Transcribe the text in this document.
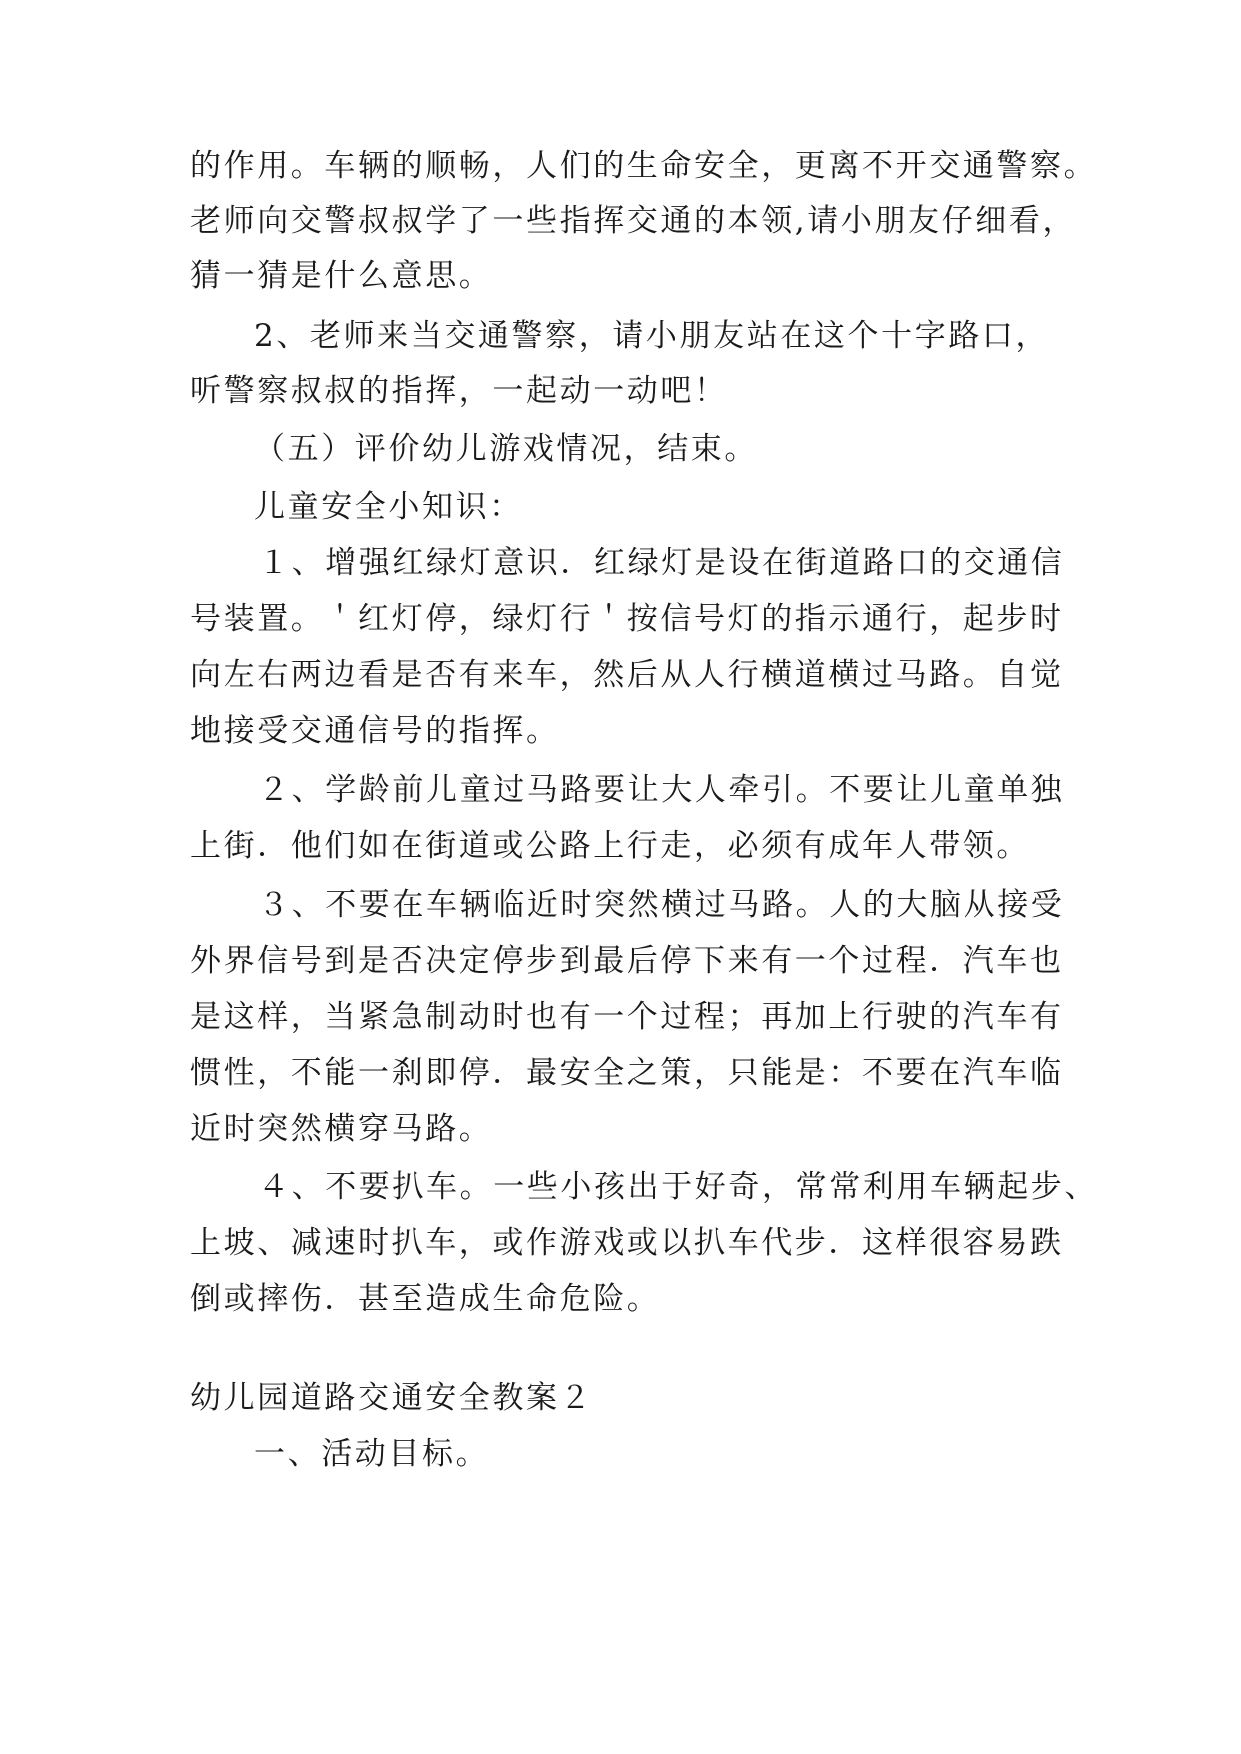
的作用。车辆的顺畅，人们的生命安全，更离不开交通警察。
老师向交警叔叔学了一些指挥交通的本领,请小朋友仔细看，
猜一猜是什么意思。
2、老师来当交通警察，请小朋友站在这个十字路口，
听警察叔叔的指挥，一起动一动吧！
（五）评价幼儿游戏情况，结束。
儿童安全小知识：
１、增强红绿灯意识．红绿灯是设在街道路口的交通信
号装置。＇红灯停，绿灯行＇按信号灯的指示通行，起步时
向左右两边看是否有来车，然后从人行横道横过马路。自觉
地接受交通信号的指挥。
２、学龄前儿童过马路要让大人牵引。不要让儿童单独
上街．他们如在街道或公路上行走，必须有成年人带领。
３、不要在车辆临近时突然横过马路。人的大脑从接受
外界信号到是否决定停步到最后停下来有一个过程．汽车也
是这样，当紧急制动时也有一个过程；再加上行驶的汽车有
惯性，不能一刹即停．最安全之策，只能是：不要在汽车临
近时突然横穿马路。
４、不要扒车。一些小孩出于好奇，常常利用车辆起步、
上坡、减速时扒车，或作游戏或以扒车代步．这样很容易跌
倒或摔伤．甚至造成生命危险。
幼儿园道路交通安全教案２
一、活动目标。
